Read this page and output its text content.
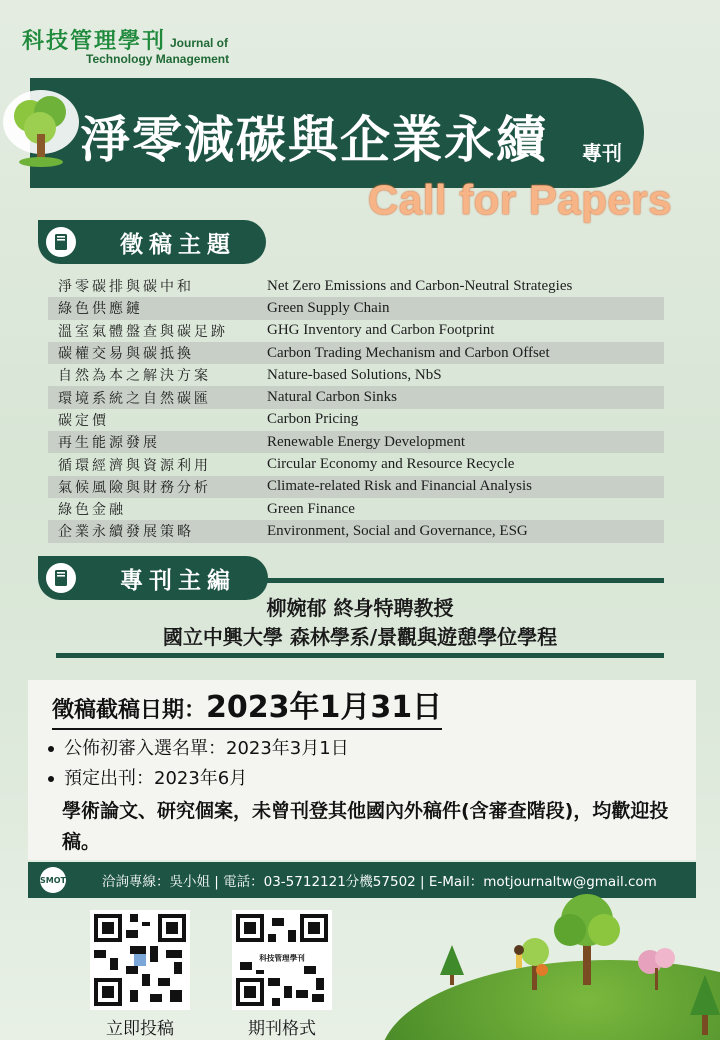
科技管理學刊 Journal of
Technology Management
淨零減碳與企業永續 專刊
Call for Papers
徵稿主題
淨零碳排與碳中和	Net Zero Emissions and Carbon-Neutral Strategies
綠色供應鏈	Green Supply Chain
溫室氣體盤查與碳足跡	GHG Inventory and Carbon Footprint
碳權交易與碳抵換	Carbon Trading Mechanism and Carbon Offset
自然為本之解決方案	Nature-based Solutions, NbS
環境系統之自然碳匯	Natural Carbon Sinks
碳定價	Carbon Pricing
再生能源發展	Renewable Energy Development
循環經濟與資源利用	Circular Economy and Resource Recycle
氣候風險與財務分析	Climate-related Risk and Financial Analysis
綠色金融	Green Finance
企業永續發展策略	Environment, Social and Governance, ESG
專刊主編
柳婉郁 終身特聘教授
國立中興大學 森林學系/景觀與遊憩學位學程
徵稿截稿日期：2023年1月31日
公佈初審入選名單：2023年3月1日
預定出刊：2023年6月
學術論文、研究個案，未曾刊登其他國內外稿件(含審查階段)，均歡迎投稿。
SMOT	洽詢專線：吳小姐 | 電話：03-5712121分機57502 | E-Mail：motjournaltw@gmail.com
立即投稿
科技管理學刊
期刊格式
